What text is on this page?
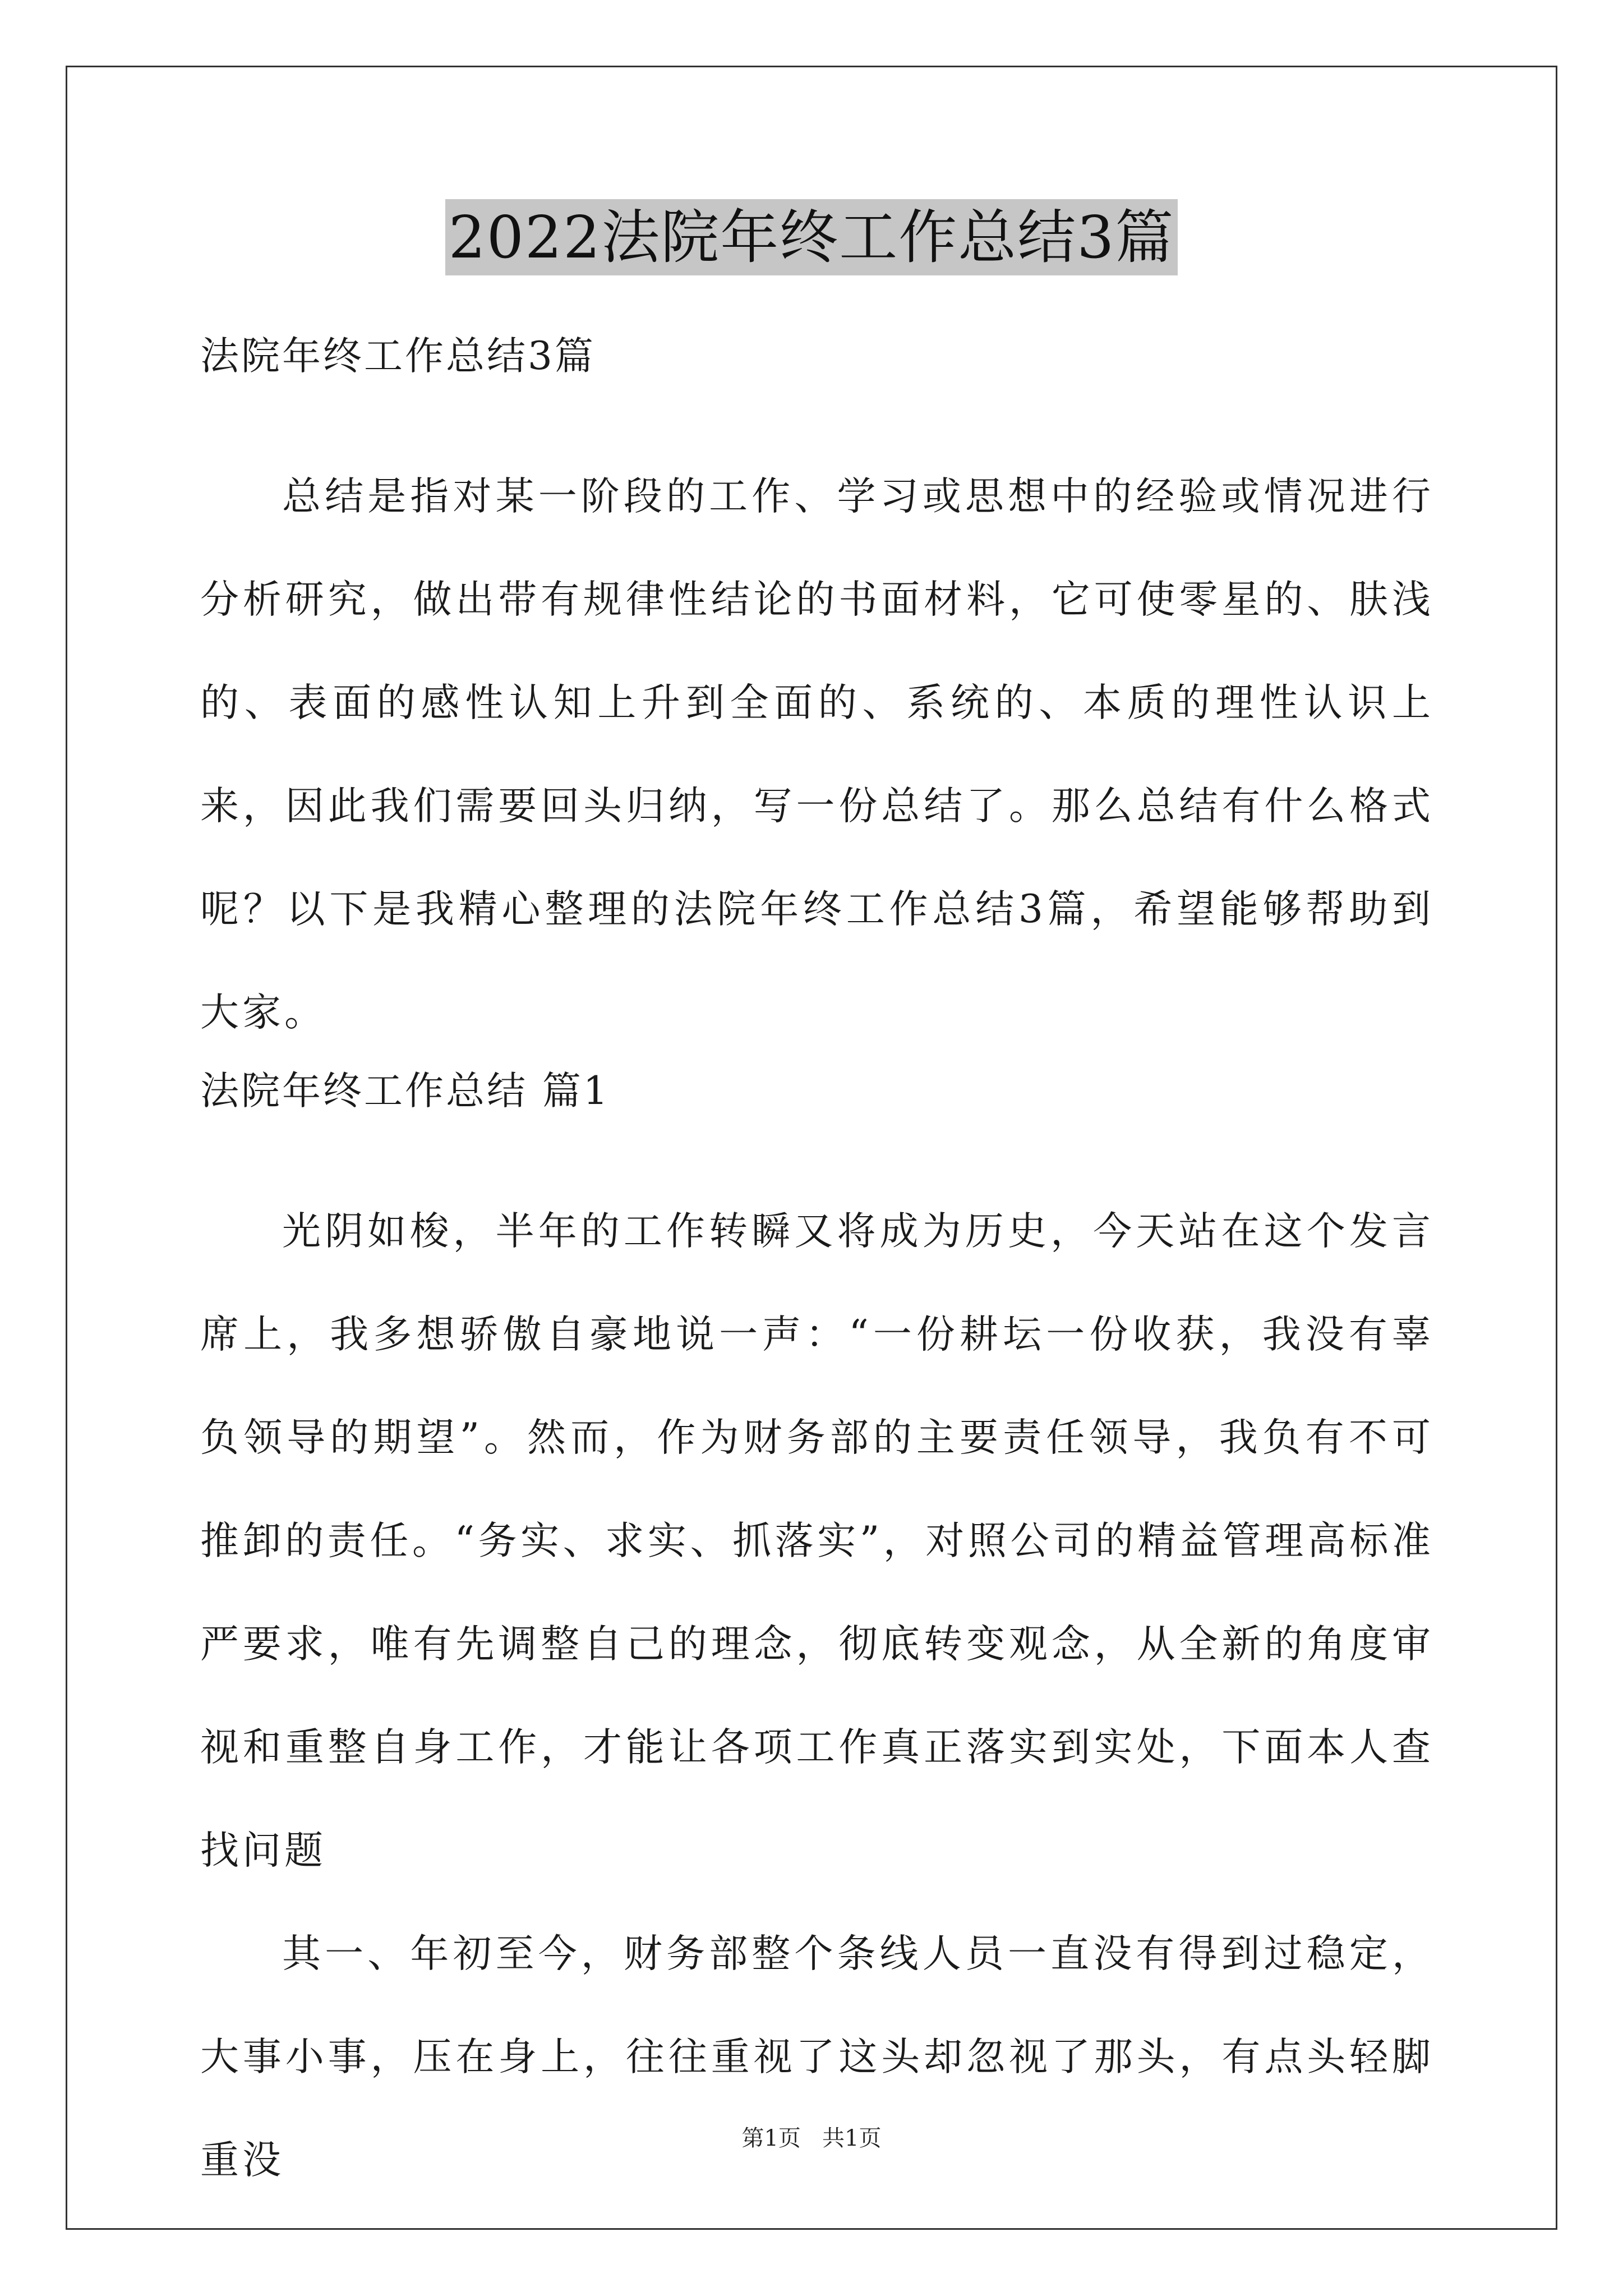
2022法院年终工作总结3篇
法院年终工作总结3篇

总结是指对某一阶段的工作、学习或思想中的经验或情况进行分析研究，做出带有规律性结论的书面材料，它可使零星的、肤浅的、表面的感性认知上升到全面的、系统的、本质的理性认识上来，因此我们需要回头归纳，写一份总结了。那么总结有什么格式呢？以下是我精心整理的法院年终工作总结3篇，希望能够帮助到大家。

法院年终工作总结 篇1

光阴如梭，半年的工作转瞬又将成为历史，今天站在这个发言席上，我多想骄傲自豪地说一声：“一份耕坛一份收获，我没有辜负领导的期望”。然而，作为财务部的主要责任领导，我负有不可推卸的责任。“务实、求实、抓落实”，对照公司的精益管理高标准严要求，唯有先调整自己的理念，彻底转变观念，从全新的角度审视和重整自身工作，才能让各项工作真正落实到实处，下面本人查找问题

其一、年初至今，财务部整个条线人员一直没有得到过稳定，大事小事，压在身上，往往重视了这头却忽视了那头，有点头轻脚重没	第1页   共1页
